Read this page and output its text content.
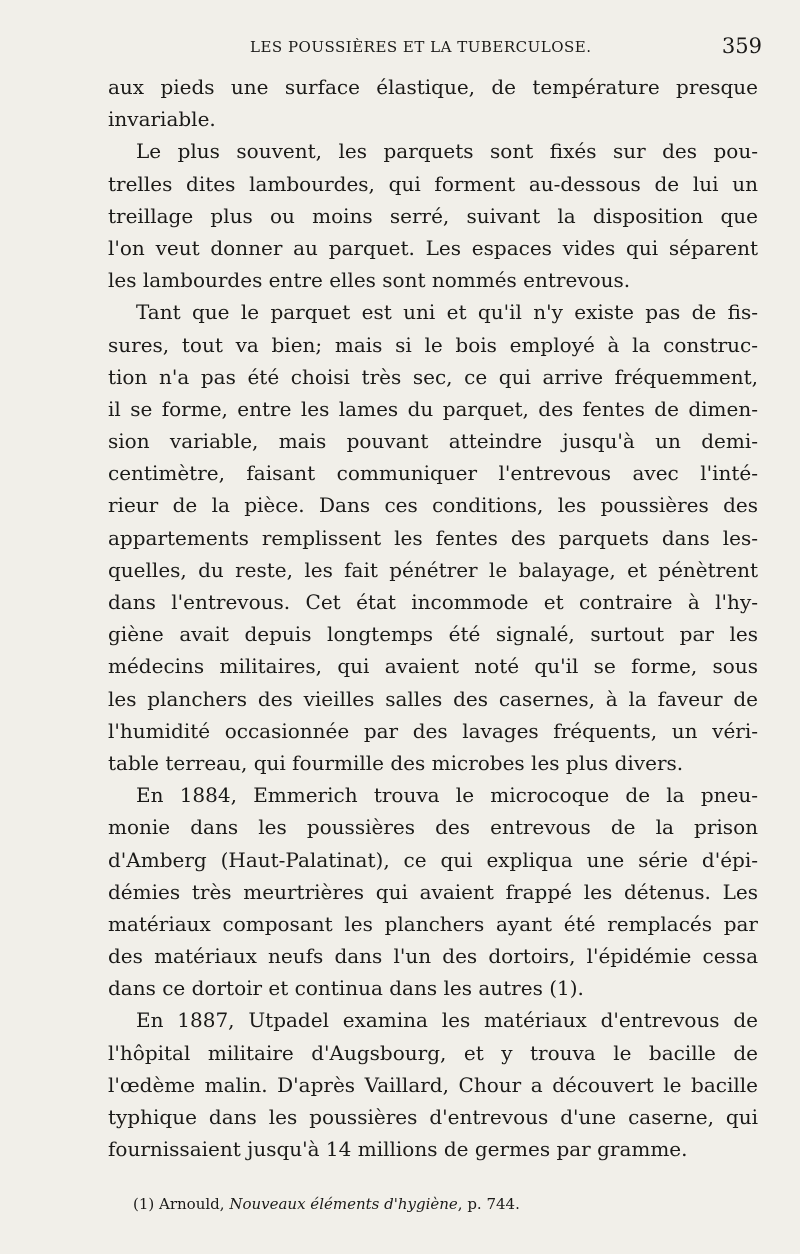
LES POUSSIÈRES ET LA TUBERCULOSE.	359
aux pieds une surface élastique, de température presque
invariable.
Le plus souvent, les parquets sont fixés sur des pou-
trelles dites lambourdes, qui forment au-dessous de lui un
treillage plus ou moins serré, suivant la disposition que
l'on veut donner au parquet. Les espaces vides qui séparent
les lambourdes entre elles sont nommés entrevous.
Tant que le parquet est uni et qu'il n'y existe pas de fis-
sures, tout va bien; mais si le bois employé à la construc-
tion n'a pas été choisi très sec, ce qui arrive fréquemment,
il se forme, entre les lames du parquet, des fentes de dimen-
sion variable, mais pouvant atteindre jusqu'à un demi-
centimètre, faisant communiquer l'entrevous avec l'inté-
rieur de la pièce. Dans ces conditions, les poussières des
appartements remplissent les fentes des parquets dans les-
quelles, du reste, les fait pénétrer le balayage, et pénètrent
dans l'entrevous. Cet état incommode et contraire à l'hy-
giène avait depuis longtemps été signalé, surtout par les
médecins militaires, qui avaient noté qu'il se forme, sous
les planchers des vieilles salles des casernes, à la faveur de
l'humidité occasionnée par des lavages fréquents, un véri-
table terreau, qui fourmille des microbes les plus divers.
En 1884, Emmerich trouva le microcoque de la pneu-
monie dans les poussières des entrevous de la prison
d'Amberg (Haut-Palatinat), ce qui expliqua une série d'épi-
démies très meurtrières qui avaient frappé les détenus. Les
matériaux composant les planchers ayant été remplacés par
des matériaux neufs dans l'un des dortoirs, l'épidémie cessa
dans ce dortoir et continua dans les autres (1).
En 1887, Utpadel examina les matériaux d'entrevous de
l'hôpital militaire d'Augsbourg, et y trouva le bacille de
l'œdème malin. D'après Vaillard, Chour a découvert le bacille
typhique dans les poussières d'entrevous d'une caserne, qui
fournissaient jusqu'à 14 millions de germes par gramme.
(1) Arnould, Nouveaux éléments d'hygiène, p. 744.
